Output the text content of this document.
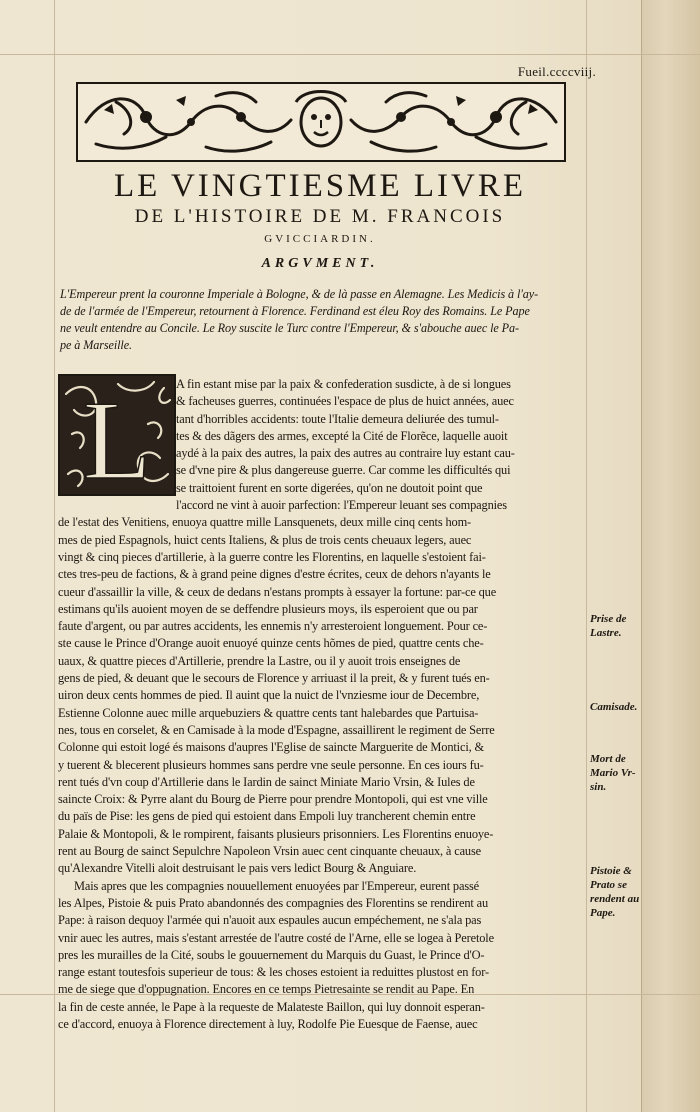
Fueil.ccccviij.
LE VINGTIESME LIVRE
DE L'HISTOIRE DE M. FRANCOIS
GVICCIARDIN.
ARGVMENT.
L'Empereur prent la couronne Imperiale à Bologne, & de là passe en Alemagne. Les Medicis à l'ay-
de de l'armée de l'Empereur, retournent à Florence. Ferdinand est éleu Roy des Romains. Le Pape
ne veult entendre au Concile. Le Roy suscite le Turc contre l'Empereur, & s'abouche auec le Pa-
pe à Marseille.
L	A fin estant mise par la paix & confederation susdicte, à de si longues
& facheuses guerres, continuées l'espace de plus de huict années, auec
tant d'horribles accidents: toute l'Italie demeura deliurée des tumul-
tes & des dãgers des armes, excepté la Cité de Florẽce, laquelle auoit
aydé à la paix des autres, la paix des autres au contraire luy estant cau-
se d'vne pire & plus dangereuse guerre. Car comme les difficultés qui
se traittoient furent en sorte digerées, qu'on ne doutoit point que
l'accord ne vint à auoir parfection: l'Empereur leuant ses compagnies
de l'estat des Venitiens, enuoya quattre mille Lansquenets, deux mille cinq cents hom-
mes de pied Espagnols, huict cents Italiens, & plus de trois cents cheuaux legers, auec
vingt & cinq pieces d'artillerie, à la guerre contre les Florentins, en laquelle s'estoient fai-
ctes tres-peu de factions, & à grand peine dignes d'estre écrites, ceux de dehors n'ayants le
cueur d'assaillir la ville, & ceux de dedans n'estans prompts à essayer la fortune: par-ce que
estimans qu'ils auoient moyen de se deffendre plusieurs moys, ils esperoient que ou par
faute d'argent, ou par autres accidents, les ennemis n'y arresteroient longuement. Pour ce-
ste cause le Prince d'Orange auoit enuoyé quinze cents hõmes de pied, quattre cents che-
uaux, & quattre pieces d'Artillerie, prendre la Lastre, ou il y auoit trois enseignes de
gens de pied, & deuant que le secours de Florence y arriuast il la preit, & y furent tués en-
uiron deux cents hommes de pied. Il auint que la nuict de l'vnziesme iour de Decembre,
Estienne Colonne auec mille arquebuziers & quattre cents tant halebardes que Partuisa-
nes, tous en corselet, & en Camisade à la mode d'Espagne, assaillirent le regiment de Serre
Colonne qui estoit logé és maisons d'aupres l'Eglise de saincte Marguerite de Montici, &
y tuerent & blecerent plusieurs hommes sans perdre vne seule personne. En ces iours fu-
rent tués d'vn coup d'Artillerie dans le Iardin de sainct Miniate Mario Vrsin, & Iules de
saincte Croix: & Pyrre alant du Bourg de Pierre pour prendre Montopoli, qui est vne ville
du païs de Pise: les gens de pied qui estoient dans Empoli luy trancherent chemin entre
Palaie & Montopoli, & le rompirent, faisants plusieurs prisonniers. Les Florentins enuoye-
rent au Bourg de sainct Sepulchre Napoleon Vrsin auec cent cinquante cheuaux, à cause
qu'Alexandre Vitelli aloit destruisant le pais vers ledict Bourg & Anguiare.
Mais apres que les compagnies nouuellement enuoyées par l'Empereur, eurent passé
les Alpes, Pistoie & puis Prato abandonnés des compagnies des Florentins se rendirent au
Pape: à raison dequoy l'armée qui n'auoit aux espaules aucun empéchement, ne s'ala pas
vnir auec les autres, mais s'estant arrestée de l'autre costé de l'Arne, elle se logea à Peretole
pres les murailles de la Cité, soubs le gouuernement du Marquis du Guast, le Prince d'O-
range estant toutesfois superieur de tous: & les choses estoient ia reduittes plustost en for-
me de siege que d'oppugnation. Encores en ce temps Pietresainte se rendit au Pape. En
la fin de ceste année, le Pape à la requeste de Malateste Baillon, qui luy donnoit esperan-
ce d'accord, enuoya à Florence directement à luy, Rodolfe Pie Euesque de Faense, auec
Prise de
Lastre.
Camisade.
Mort de
Mario Vr-
sin.
Pistoie &
Prato se
rendent au
Pape.
